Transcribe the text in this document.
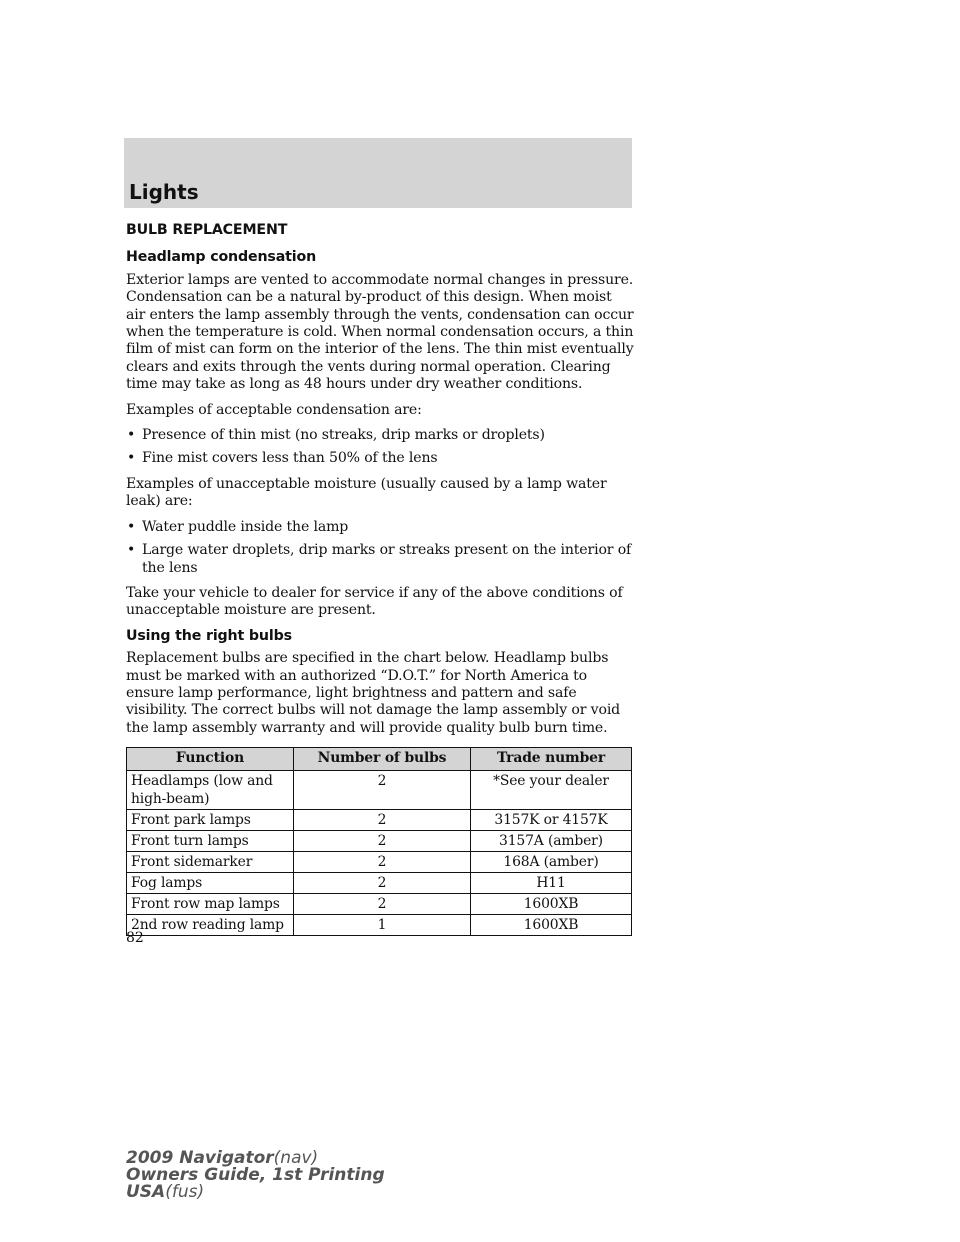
Lights
BULB REPLACEMENT
Headlamp condensation

Exterior lamps are vented to accommodate normal changes in pressure. Condensation can be a natural by-product of this design. When moist air enters the lamp assembly through the vents, condensation can occur when the temperature is cold. When normal condensation occurs, a thin film of mist can form on the interior of the lens. The thin mist eventually clears and exits through the vents during normal operation. Clearing time may take as long as 48 hours under dry weather conditions.

Examples of acceptable condensation are:

• Presence of thin mist (no streaks, drip marks or droplets)
• Fine mist covers less than 50% of the lens

Examples of unacceptable moisture (usually caused by a lamp water leak) are:

• Water puddle inside the lamp
• Large water droplets, drip marks or streaks present on the interior of the lens

Take your vehicle to dealer for service if any of the above conditions of unacceptable moisture are present.

Using the right bulbs

Replacement bulbs are specified in the chart below. Headlamp bulbs must be marked with an authorized “D.O.T.” for North America to ensure lamp performance, light brightness and pattern and safe visibility. The correct bulbs will not damage the lamp assembly or void the lamp assembly warranty and will provide quality bulb burn time.

Function	Number of bulbs	Trade number
Headlamps (low and high-beam)	2	*See your dealer
Front park lamps	2	3157K or 4157K
Front turn lamps	2	3157A (amber)
Front sidemarker	2	168A (amber)
Fog lamps	2	H11
Front row map lamps	2	1600XB
2nd row reading lamp	1	1600XB
82
2009 Navigator(nav)
Owners Guide, 1st Printing
USA(fus)
